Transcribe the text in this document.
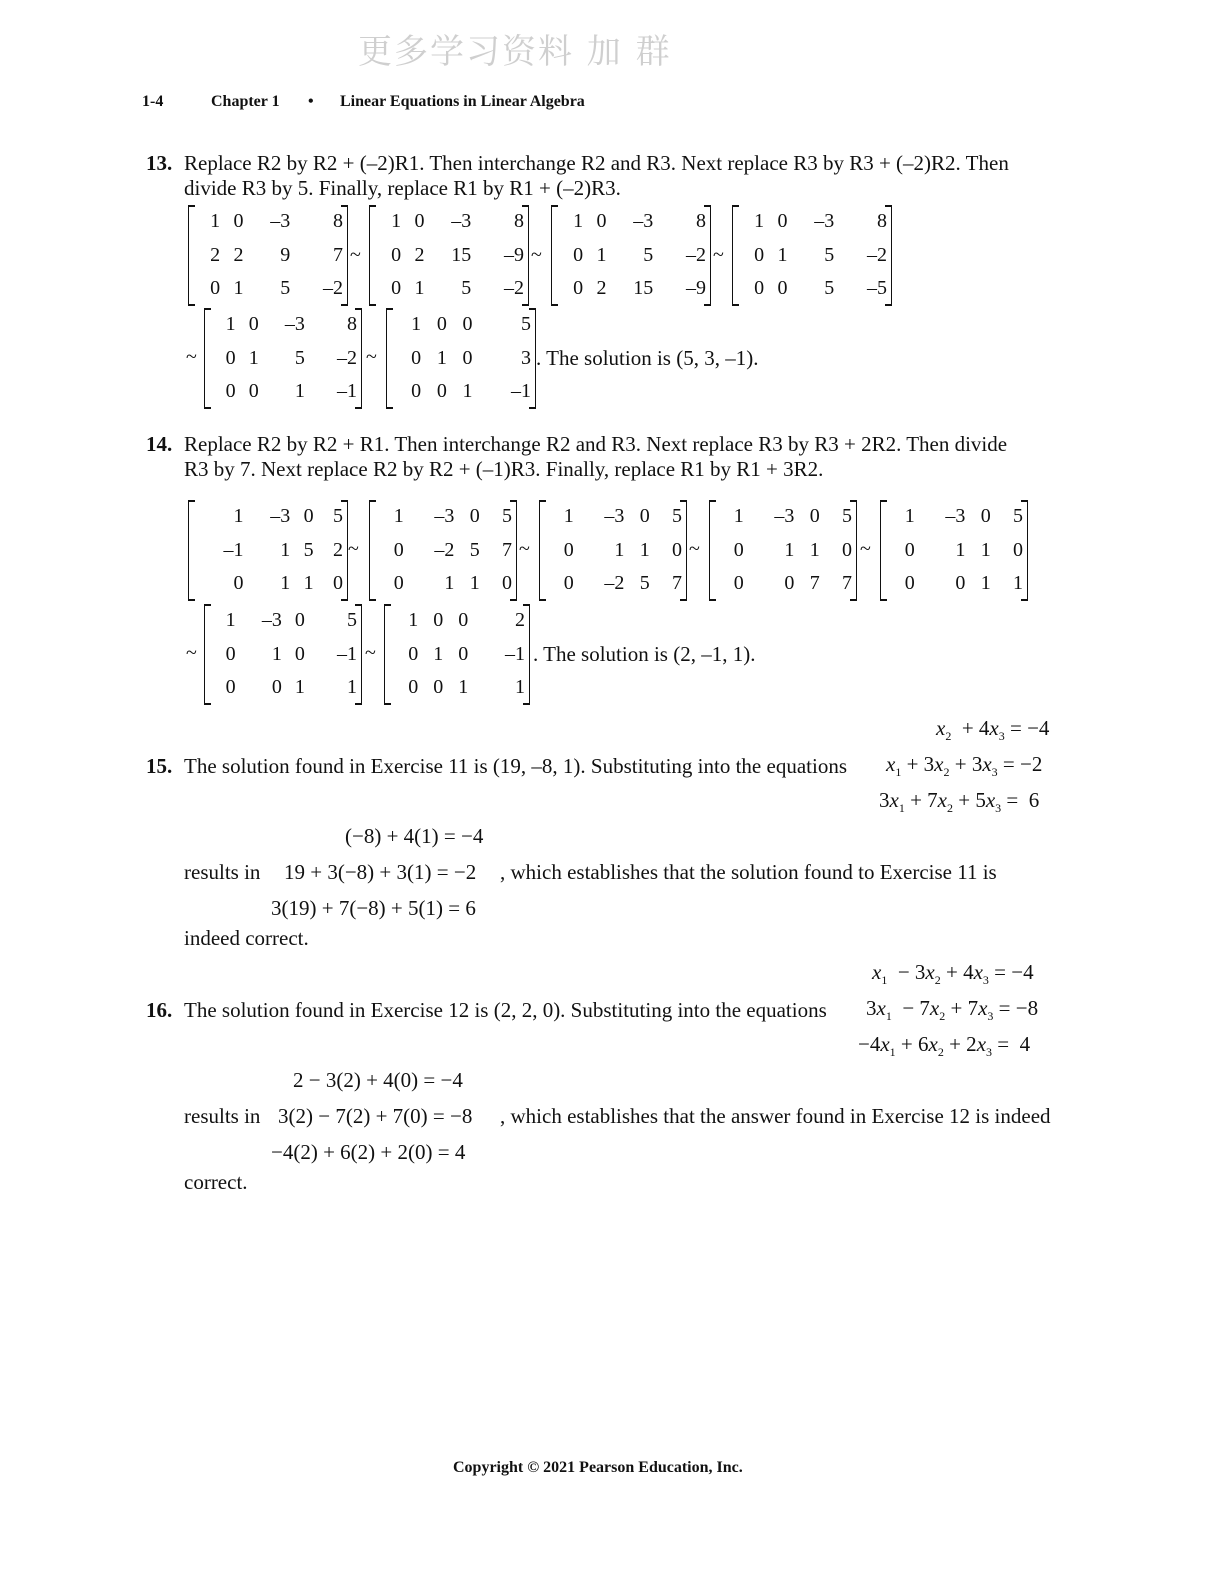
更多学习资料 加 群
1-4	Chapter 1 • Linear Equations in Linear Algebra
13. Replace R2 by R2 + (–2)R1. Then interchange R2 and R3. Next replace R3 by R3 + (–2)R2. Then
divide R3 by 5. Finally, replace R1 by R1 + (–2)R3.
1	0	–3	8
2	2	9	7
0	1	5	–2
~
1	0	–3	8
0	2	15	–9
0	1	5	–2
~
1	0	–3	8
0	1	5	–2
0	2	15	–9
~
1	0	–3	8
0	1	5	–2
0	0	5	–5
~
1	0	–3	8
0	1	5	–2
0	0	1	–1
~
1	0	0	5
0	1	0	3
0	0	1	–1
. The solution is (5, 3, –1).
14. Replace R2 by R2 + R1. Then interchange R2 and R3. Next replace R3 by R3 + 2R2. Then divide
R3 by 7. Next replace R2 by R2 + (–1)R3. Finally, replace R1 by R1 + 3R2.
1	–3	0	5
–1	1	5	2
0	1	1	0
~
1	–3	0	5
0	–2	5	7
0	1	1	0
~
1	–3	0	5
0	1	1	0
0	–2	5	7
~
1	–3	0	5
0	1	1	0
0	0	7	7
~
1	–3	0	5
0	1	1	0
0	0	1	1
~
1	–3	0	5
0	1	0	–1
0	0	1	1
~
1	0	0	2
0	1	0	–1
0	0	1	1
. The solution is (2, –1, 1).
$x_2 + 4x_3 = -4$
15. The solution found in Exercise 11 is (19, –8, 1). Substituting into the equations $x_1 + 3x_2 + 3x_3 = -2$
$3x_1 + 7x_2 + 5x_3 = 6$
(−8) + 4(1) = −4
results in 19 + 3(−8) + 3(1) = −2 , which establishes that the solution found to Exercise 11 is
3(19) + 7(−8) + 5(1) = 6
indeed correct.
$x_1 - 3x_2 + 4x_3 = -4$
16. The solution found in Exercise 12 is (2, 2, 0). Substituting into the equations $3x_1 - 7x_2 + 7x_3 = -8$
$-4x_1 + 6x_2 + 2x_3 = 4$
2 − 3(2) + 4(0) = −4
results in 3(2) − 7(2) + 7(0) = −8 , which establishes that the answer found in Exercise 12 is indeed
−4(2) + 6(2) + 2(0) = 4
correct.
Copyright © 2021 Pearson Education, Inc.
